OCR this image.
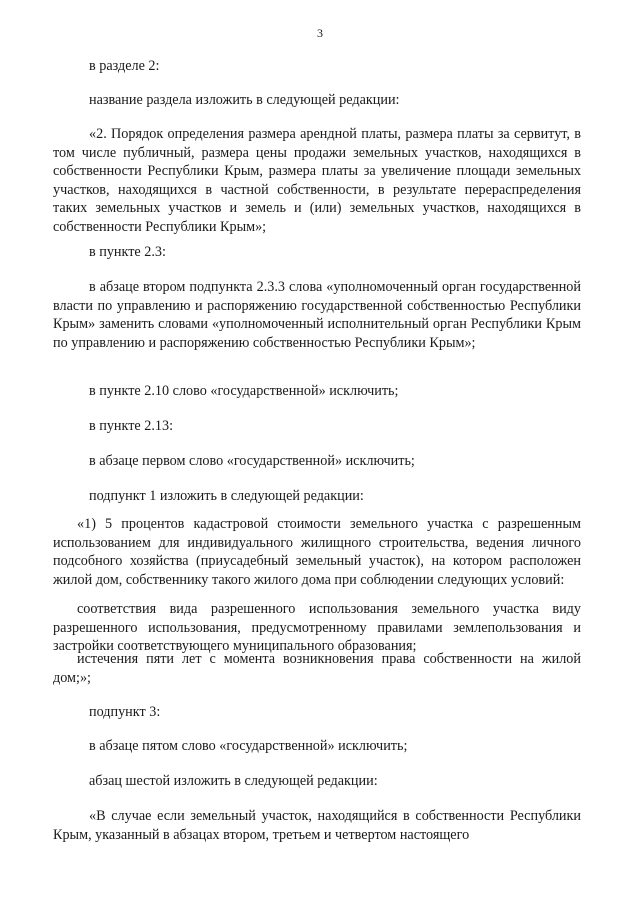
3

в разделе 2:

название раздела изложить в следующей редакции:

«2. Порядок определения размера арендной платы, размера платы за сервитут, в том числе публичный, размера цены продажи земельных участков, находящихся в собственности Республики Крым, размера платы за увеличение площади земельных участков, находящихся в частной собственности, в результате перераспределения таких земельных участков и земель и (или) земельных участков, находящихся в собственности Республики Крым»;

в пункте 2.3:

в абзаце втором подпункта 2.3.3 слова «уполномоченный орган государственной власти по управлению и распоряжению государственной собственностью Республики Крым» заменить словами «уполномоченный исполнительный орган Республики Крым по управлению и распоряжению собственностью Республики Крым»;

в пункте 2.10 слово «государственной» исключить;

в пункте 2.13:

в абзаце первом слово «государственной» исключить;

подпункт 1 изложить в следующей редакции:

«1) 5 процентов кадастровой стоимости земельного участка с разрешенным использованием для индивидуального жилищного строительства, ведения личного подсобного хозяйства (приусадебный земельный участок), на котором расположен жилой дом, собственнику такого жилого дома при соблюдении следующих условий:

соответствия вида разрешенного использования земельного участка виду разрешенного использования, предусмотренному правилами землепользования и застройки соответствующего муниципального образования;

истечения пяти лет с момента возникновения права собственности на жилой дом;»;

подпункт 3:

в абзаце пятом слово «государственной» исключить;

абзац шестой изложить в следующей редакции:

«В случае если земельный участок, находящийся в собственности Республики Крым, указанный в абзацах втором, третьем и четвертом настоящего
